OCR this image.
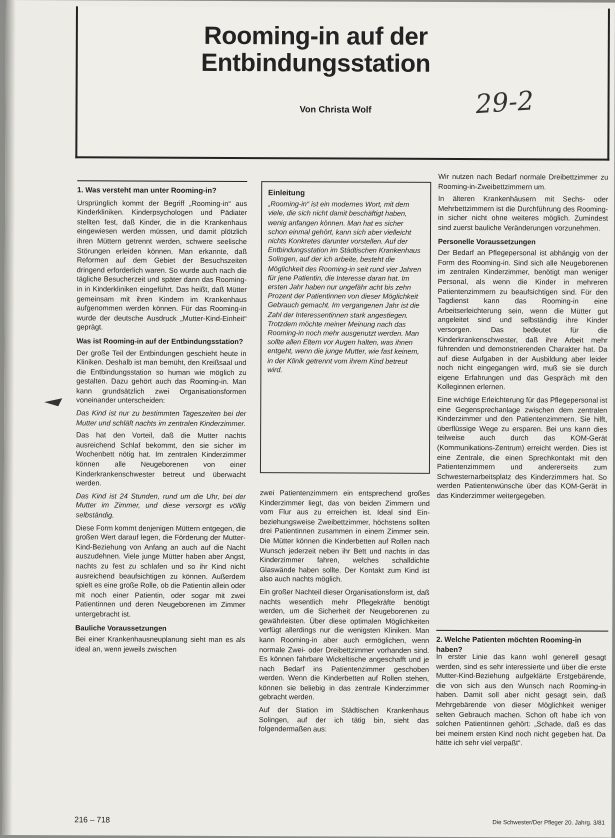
Rooming-in auf der Entbindungsstation
Von Christa Wolf	29-2
1. Was versteht man unter Rooming-in?

Ursprünglich kommt der Begriff „Rooming-in“ aus Kinderkliniken. Kinderpsychologen und Pädiater stellten fest, daß Kinder, die in die Krankenhaus eingewiesen werden müssen, und damit plötzlich ihren Müttern getrennt werden, schwere seelische Störungen erleiden können. Man erkannte, daß Reformen auf dem Gebiet der Besuchszeiten dringend erforderlich waren. So wurde auch nach die tägliche Besucherzeit und später dann das Rooming-in in Kinderkliniken eingeführt. Das heißt, daß Mütter gemeinsam mit ihren Kindern im Krankenhaus aufgenommen werden können. Für das Rooming-in wurde der deutsche Ausdruck „Mutter-Kind-Einheit“ geprägt.

Was ist Rooming-in auf der Entbindungsstation?

Der große Teil der Entbindungen geschieht heute in Kliniken. Deshalb ist man bemüht, den Kreißsaal und die Entbindungsstation so human wie möglich zu gestalten. Dazu gehört auch das Rooming-in. Man kann grundsätzlich zwei Organisationsformen voneinander unterscheiden:

Das Kind ist nur zu bestimmten Tageszeiten bei der Mutter und schläft nachts im zentralen Kinderzimmer.

Das hat den Vorteil, daß die Mutter nachts ausreichend Schlaf bekommt, den sie sicher im Wochenbett nötig hat. Im zentralen Kinderzimmer können alle Neugeborenen von einer Kinderkrankenschwester betreut und überwacht werden.

Das Kind ist 24 Stunden, rund um die Uhr, bei der Mutter im Zimmer, und diese versorgt es völlig selbständig.

Diese Form kommt denjenigen Müttern entgegen, die großen Wert darauf legen, die Förderung der Mutter-Kind-Beziehung von Anfang an auch auf die Nacht auszudehnen. Viele junge Mütter haben aber Angst, nachts zu fest zu schlafen und so ihr Kind nicht ausreichend beaufsichtigen zu können. Außerdem spielt es eine große Rolle, ob die Patientin allein oder mit noch einer Patientin, oder sogar mit zwei Patientinnen und deren Neugeborenen im Zimmer untergebracht ist.

Bauliche Voraussetzungen

Bei einer Krankenhausneuplanung sieht man es als ideal an, wenn jeweils zwischen

Einleitung
„Rooming-in“ ist ein modernes Wort, mit dem viele, die sich nicht damit beschäftigt haben, wenig anfangen können. Man hat es sicher schon einmal gehört, kann sich aber vielleicht nichts Konkretes darunter vorstellen. Auf der Entbindungsstation im Städtischen Krankenhaus Solingen, auf der ich arbeite, besteht die Möglichkeit des Rooming-in seit rund vier Jahren für jene Patientin, die Interesse daran hat. Im ersten Jahr haben nur ungefähr acht bis zehn Prozent der Patientinnen von dieser Möglichkeit Gebrauch gemacht. Im vergangenen Jahr ist die Zahl der Interessentinnen stark angestiegen. Trotzdem möchte meiner Meinung nach das Rooming-in noch mehr ausgenutzt werden. Man sollte allen Eltern vor Augen halten, was ihnen entgeht, wenn die junge Mutter, wie fast keinem, in der Klinik getrennt vom ihrem Kind betreut wird.

zwei Patientenzimmern ein entsprechend großes Kinderzimmer liegt, das von beiden Zimmern und vom Flur aus zu erreichen ist. Ideal sind Ein- beziehungsweise Zweibettzimmer, höchstens sollten drei Patientinnen zusammen in einem Zimmer sein. Die Mütter können die Kinderbetten auf Rollen nach Wunsch jederzeit neben ihr Bett und nachts in das Kinderzimmer fahren, welches schalldichte Glaswände haben sollte. Der Kontakt zum Kind ist also auch nachts möglich.

Ein großer Nachteil dieser Organisationsform ist, daß nachts wesentlich mehr Pflegekräfte benötigt werden, um die Sicherheit der Neugeborenen zu gewährleisten. Über diese optimalen Möglichkeiten verfügt allerdings nur die wenigsten Kliniken. Man kann Rooming-in aber auch ermöglichen, wenn normale Zwei- oder Dreibettzimmer vorhanden sind. Es können fahrbare Wickeltische angeschafft und je nach Bedarf ins Patientenzimmer geschoben werden. Wenn die Kinderbetten auf Rollen stehen, können sie beliebig in das zentrale Kinderzimmer gebracht werden.

Auf der Station im Städtischen Krankenhaus Solingen, auf der ich tätig bin, sieht das folgendermaßen aus:

Wir nutzen nach Bedarf normale Dreibettzimmer zu Rooming-in-Zweibettzimmern um.

In älteren Krankenhäusern mit Sechs- oder Mehrbettzimmern ist die Durchführung des Rooming-in sicher nicht ohne weiteres möglich. Zumindest sind zuerst bauliche Veränderungen vorzunehmen.

Personelle Voraussetzungen

Der Bedarf an Pflegepersonal ist abhängig von der Form des Rooming-in. Sind sich alle Neugeborenen im zentralen Kinderzimmer, benötigt man weniger Personal, als wenn die Kinder in mehreren Patientenzimmern zu beaufsichtigen sind. Für den Tagdienst kann das Rooming-in eine Arbeitserleichterung sein, wenn die Mütter gut angeleitet sind und selbständig ihre Kinder versorgen. Das bedeutet für die Kinderkrankenschwester, daß ihre Arbeit mehr führenden und demonstrierenden Charakter hat. Da auf diese Aufgaben in der Ausbildung aber leider noch nicht eingegangen wird, muß sie sie durch eigene Erfahrungen und das Gespräch mit den Kolleginnen erlernen.

Eine wichtige Erleichterung für das Pflegepersonal ist eine Gegensprechanlage zwischen dem zentralen Kinderzimmer und den Patientenzimmern. Sie hilft, überflüssige Wege zu ersparen. Bei uns kann dies teilweise auch durch das KOM-Gerät (Kommunikations-Zentrum) erreicht werden. Dies ist eine Zentrale, die einen Sprechkontakt mit den Patientenzimmern und andererseits zum Schwesternarbeitsplatz des Kinderzimmers hat. So werden Patientenwünsche über das KOM-Gerät in das Kinderzimmer weitergegeben.

2. Welche Patienten möchten Rooming-in haben?

In erster Linie das kann wohl generell gesagt werden, sind es sehr interessierte und über die erste Mutter-Kind-Beziehung aufgeklärte Erstgebärende, die von sich aus den Wunsch nach Rooming-in haben. Damit soll aber nicht gesagt sein, daß Mehrgebärende von dieser Möglichkeit weniger selten Gebrauch machen. Schon oft habe ich von solchen Patientinnen gehört: „Schade, daß es das bei meinem ersten Kind noch nicht gegeben hat. Da hätte ich sehr viel verpaßt“.

216 – 718	Die Schwester/Der Pfleger 20. Jahrg. 3/81
